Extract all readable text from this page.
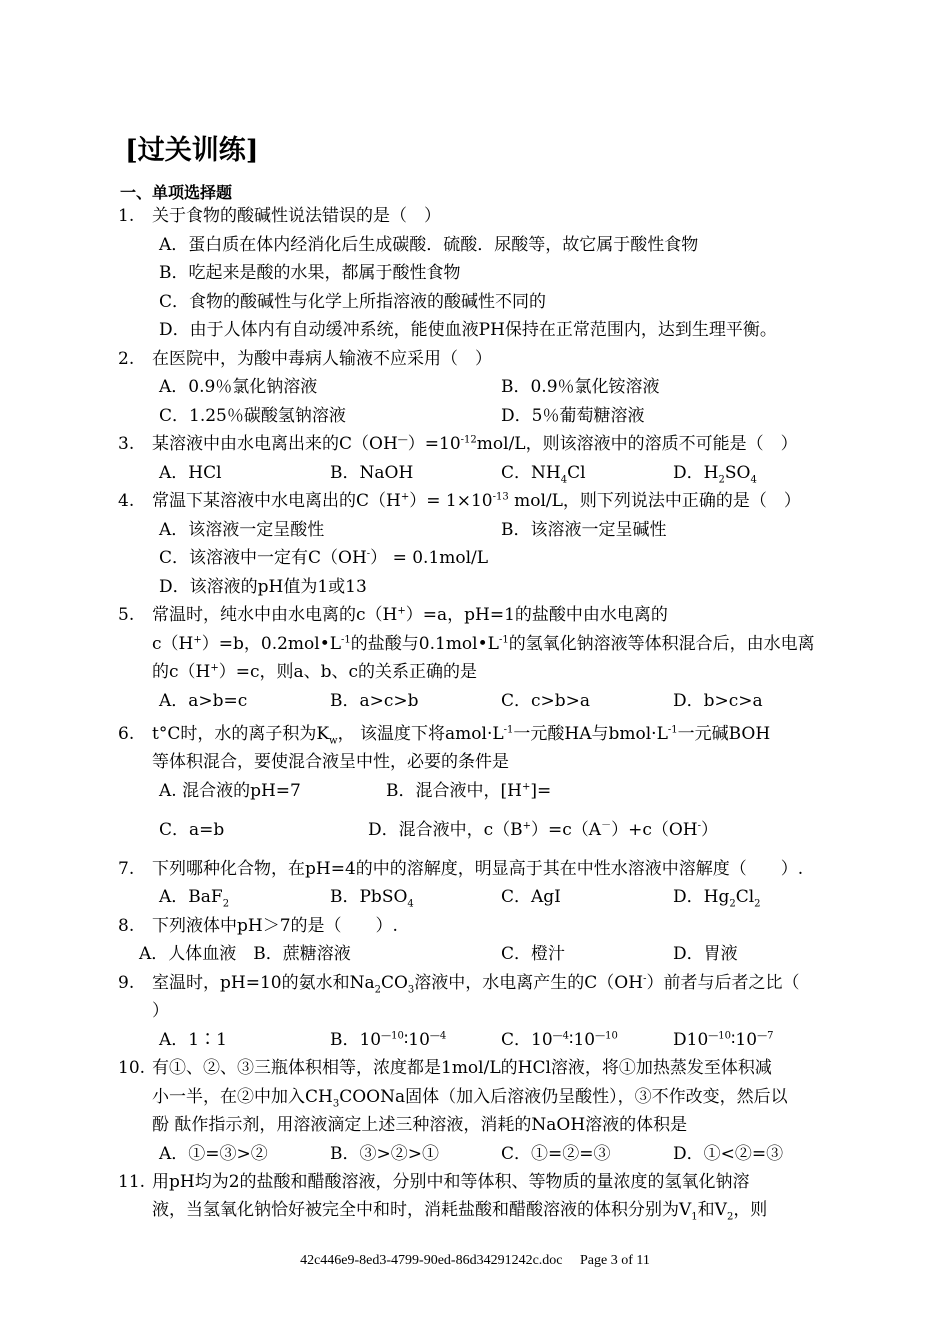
[过关训练]
一、单项选择题
1. 关于食物的酸碱性说法错误的是（　）
A．蛋白质在体内经消化后生成碳酸．硫酸．尿酸等，故它属于酸性食物
B．吃起来是酸的水果，都属于酸性食物
C．食物的酸碱性与化学上所指溶液的酸碱性不同的
D．由于人体内有自动缓冲系统，能使血液PH保持在正常范围内，达到生理平衡。
2. 在医院中，为酸中毒病人输液不应采用（　）
A．0.9％氯化钠溶液	B．0.9％氯化铵溶液
C．1.25％碳酸氢钠溶液	D．5％葡萄糖溶液
3. 某溶液中由水电离出来的$C(OH^—)=10^{-12}mol/L$，则该溶液中的溶质不可能是（　）
A．HCl	B．NaOH	C．$NH_4Cl$	D．$H_2SO_4$
4. 常温下某溶液中水电离出的$C(H^+)= 1\times 10^{-13}$ mol/L，则下列说法中正确的是（　）
A．该溶液一定呈酸性	B．该溶液一定呈碱性
C．该溶液中一定有C（OH-） = 0.1mol/L
D．该溶液的pH值为1或13
5. 常温时，纯水中由水电离的c（H+）=a，pH=1的盐酸中由水电离的
c（H+）=b，$0.2mol•L^{-1}$的盐酸与$0.1mol•L^{-1}$的氢氧化钠溶液等体积混合后，由水电离
的c（H+）=c，则a、b、c的关系正确的是
A．a>b=c	B．a>c>b	C．c>b>a	D．b>c>a
6. t°C时，水的离子积为$K_w$， 该温度下将$amol\cdot L^{-1}$一元酸HA与$bmol\cdot L^{-1}$一元碱BOH
等体积混合，要使混合液呈中性，必要的条件是
A. 混合液的pH=7	B．混合液中，[H+]=
C．a=b	D．混合液中，c（B+）=c（A－）+c（OH-）
7. 下列哪种化合物，在pH=4的中的溶解度，明显高于其在中性水溶液中溶解度（　　）.
A．BaF$_2$	B．PbSO$_4$	C．AgI	D．$Hg_2Cl_2$
8. 下列液体中pH＞7的是（　　）.
A．人体血液　B．蔗糖溶液	C．橙汁	D．胃液
9. 室温时，pH=10的氨水和$Na_2CO_3$溶液中，水电离产生的C（OH-）前者与后者之比（
）
A．1∶1	B．$10^{—10}∶10^{—4}$	C．$10^{—4}∶10^{—10}$	$D10^{—10}∶10^{—7}$
10. 有①、②、③三瓶体积相等，浓度都是1mol/L的HCl溶液，将①加热蒸发至体积减
小一半，在②中加入$CH_3COONa$固体（加入后溶液仍呈酸性），③不作改变，然后以
酚 酞作指示剂，用溶液滴定上述三种溶液，消耗的NaOH溶液的体积是
A．①=③>②	B．③>②>①	C．①=②=③	D．①<②=③
11. 用pH均为2的盐酸和醋酸溶液，分别中和等体积、等物质的量浓度的氢氧化钠溶
液，当氢氧化钠恰好被完全中和时，消耗盐酸和醋酸溶液的体积分别为$V_1$和$V_2$，则
42c446e9-8ed3-4799-90ed-86d34291242c.doc　 Page 3 of 11
